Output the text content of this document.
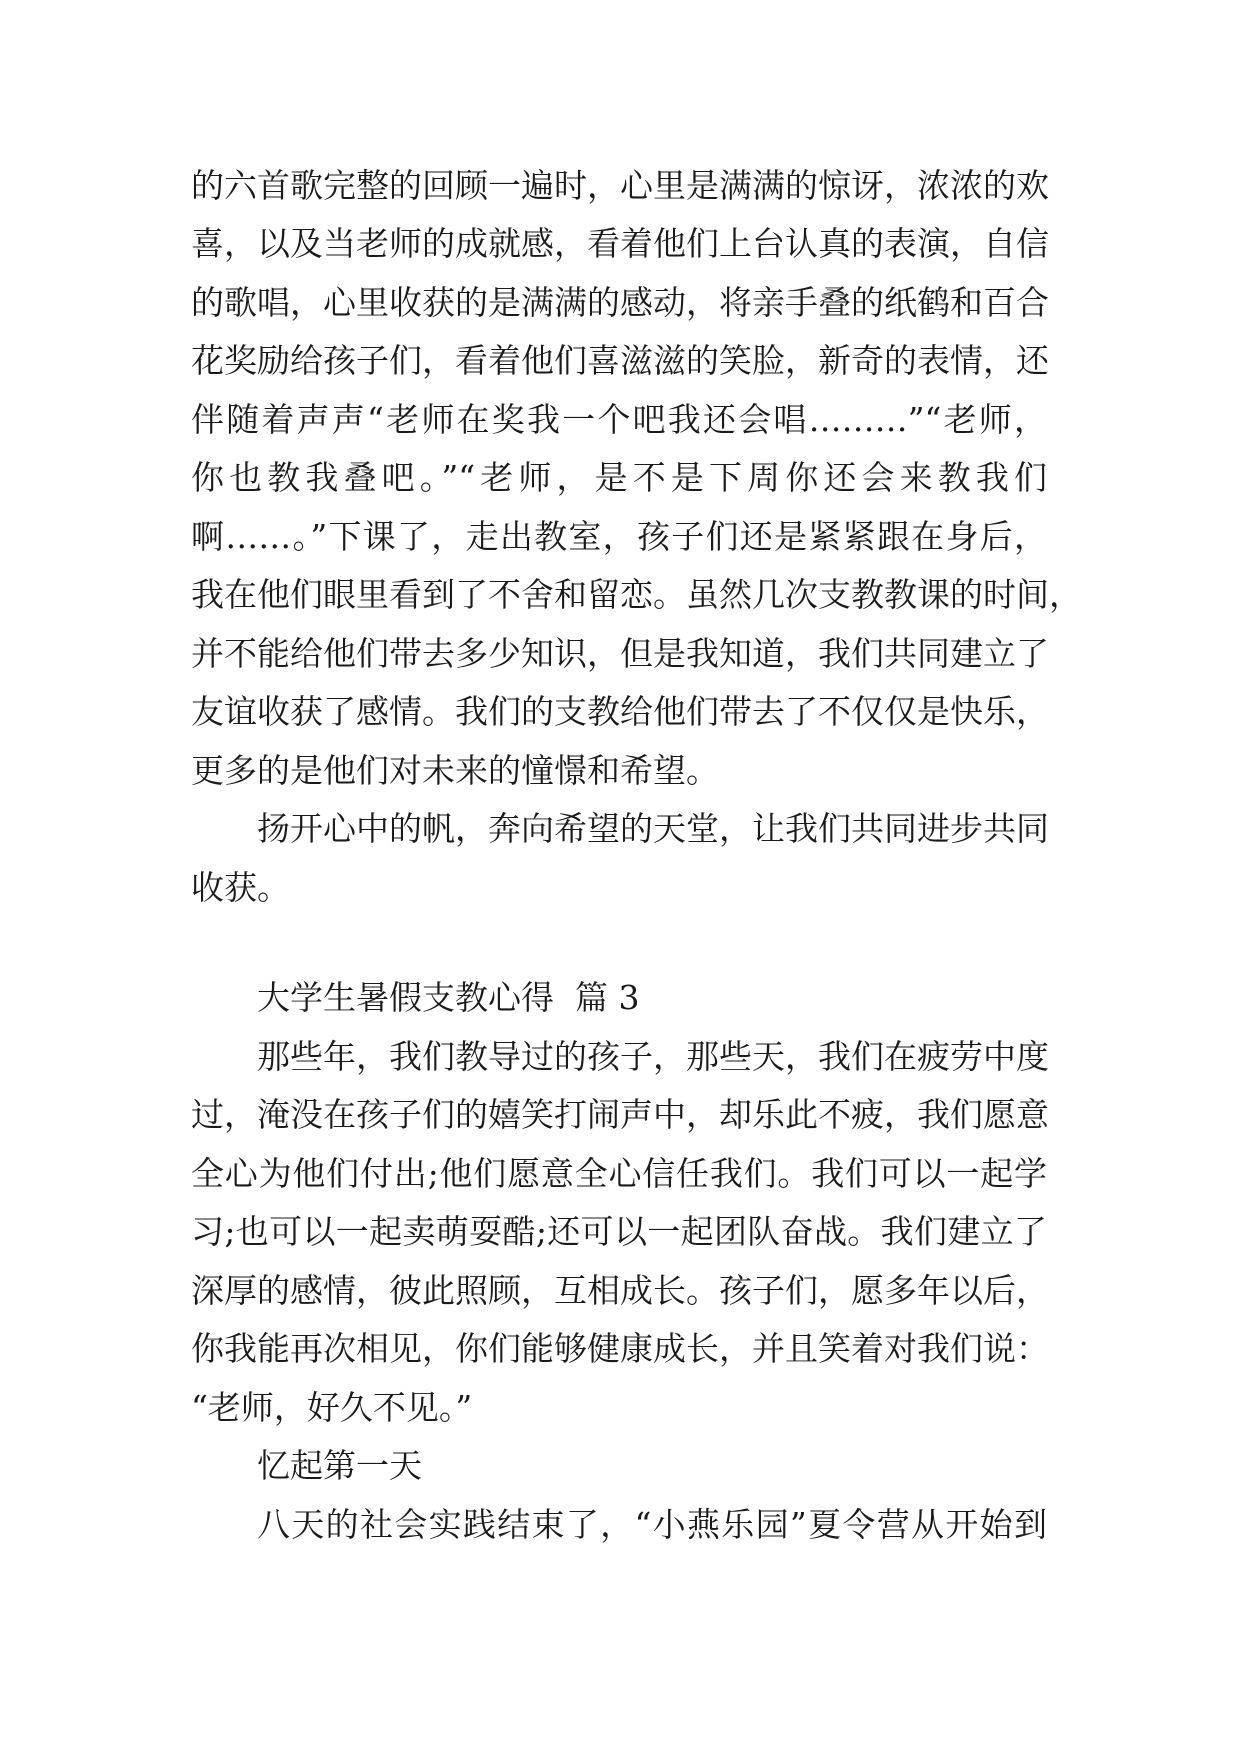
的六首歌完整的回顾一遍时，心里是满满的惊讶，浓浓的欢
喜，以及当老师的成就感，看着他们上台认真的表演，自信
的歌唱，心里收获的是满满的感动，将亲手叠的纸鹤和百合
花奖励给孩子们，看着他们喜滋滋的笑脸，新奇的表情，还
伴随着声声“老师在奖我一个吧我还会唱………”“老师，
你也教我叠吧。”“老师，是不是下周你还会来教我们
啊……。”下课了，走出教室，孩子们还是紧紧跟在身后，
我在他们眼里看到了不舍和留恋。虽然几次支教教课的时间，
并不能给他们带去多少知识，但是我知道，我们共同建立了
友谊收获了感情。我们的支教给他们带去了不仅仅是快乐，
更多的是他们对未来的憧憬和希望。
扬开心中的帆，奔向希望的天堂，让我们共同进步共同
收获。
大学生暑假支教心得  篇 3
那些年，我们教导过的孩子，那些天，我们在疲劳中度
过，淹没在孩子们的嬉笑打闹声中，却乐此不疲，我们愿意
全心为他们付出;他们愿意全心信任我们。我们可以一起学
习;也可以一起卖萌耍酷;还可以一起团队奋战。我们建立了
深厚的感情，彼此照顾，互相成长。孩子们，愿多年以后，
你我能再次相见，你们能够健康成长，并且笑着对我们说：
“老师，好久不见。”
忆起第一天
八天的社会实践结束了，“小燕乐园”夏令营从开始到
